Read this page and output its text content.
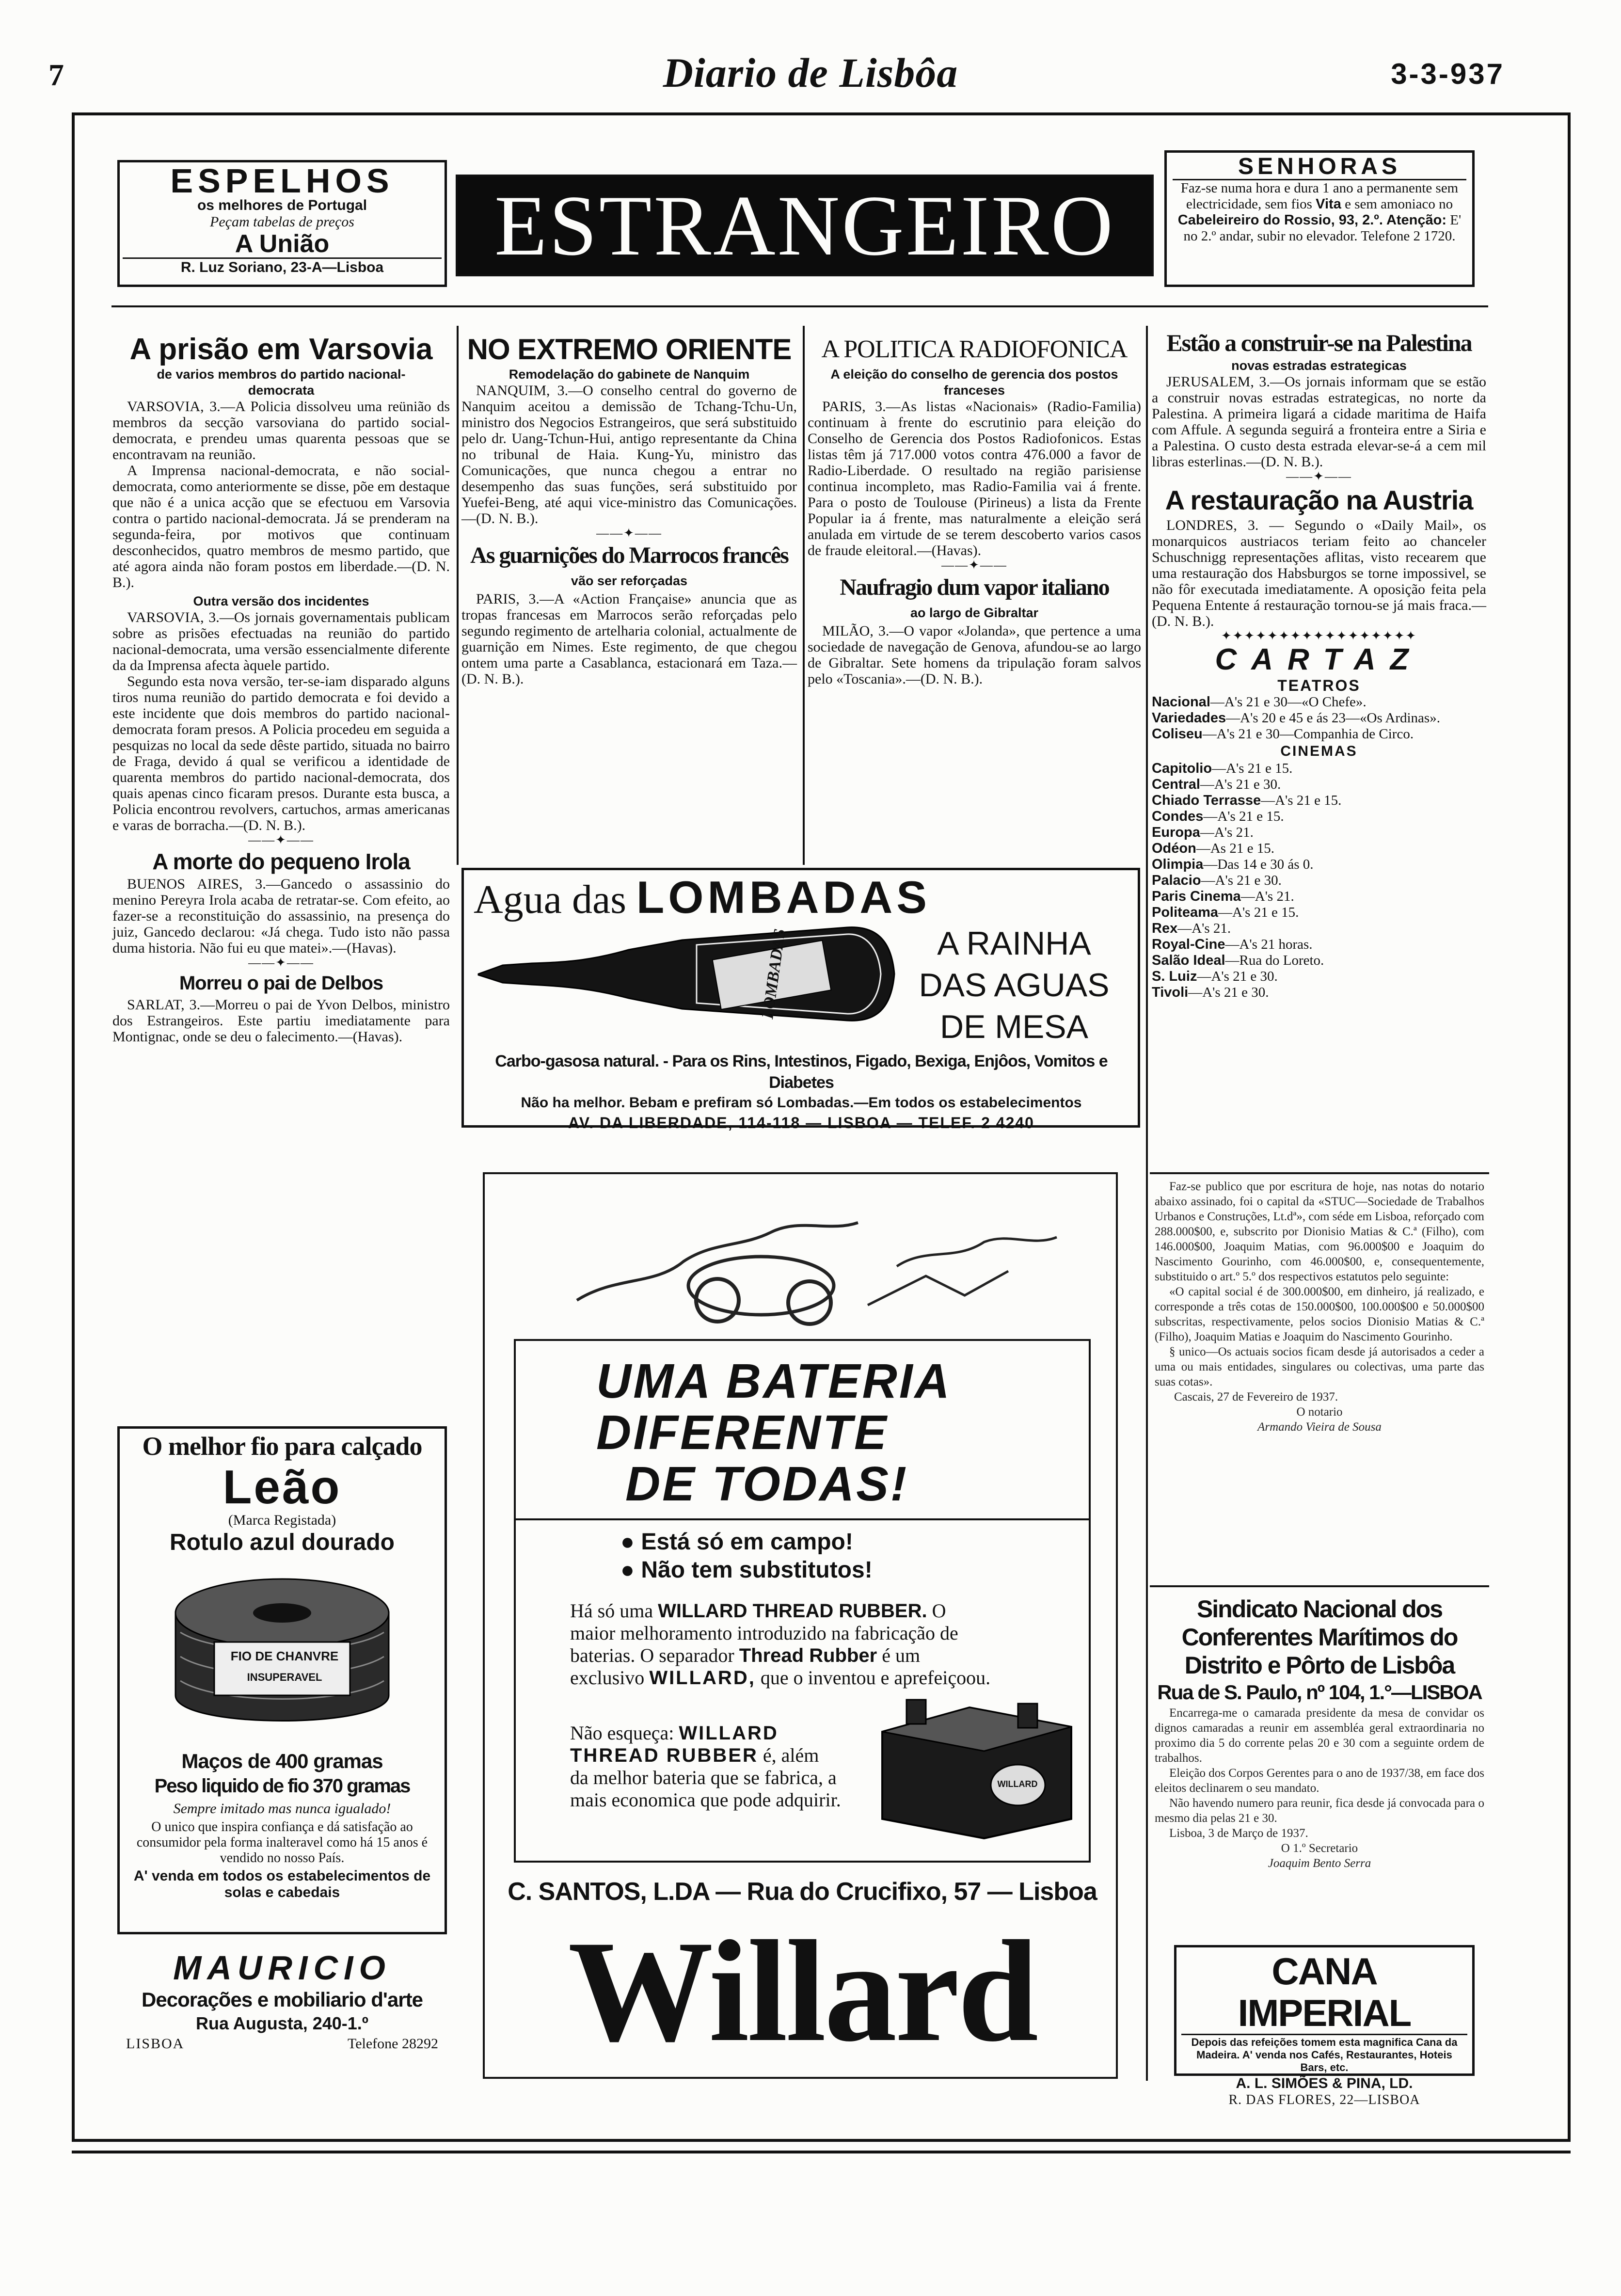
7	Diario de Lisbôa	3-3-937
ESPELHOS
os melhores de Portugal
Peçam tabelas de preços
A União
R. Luz Soriano, 23-A—Lisboa	ESTRANGEIRO
SENHORAS
Faz-se numa hora e dura 1 ano a permanente sem electricidade, sem fios Vita e sem amoniaco no Cabeleireiro do Rossio, 93, 2.º. Atenção: E' no 2.º andar, subir no elevador. Telefone 2 1720.
A prisão em Varsovia
de varios membros do partido nacional-democrata

VARSOVIA, 3.—A Policia dissolveu uma reünião ds membros da secção varsoviana do partido social-democrata, e prendeu umas quarenta pessoas que se encontravam na reunião.

A Imprensa nacional-democrata, e não social-democrata, como anteriormente se disse, põe em destaque que não é a unica acção que se efectuou em Varsovia contra o partido nacional-democrata. Já se prenderam na segunda-feira, por motivos que continuam desconhecidos, quatro membros de mesmo partido, que até agora ainda não foram postos em liberdade.—(D. N. B.).

Outra versão dos incidentes

VARSOVIA, 3.—Os jornais governamentais publicam sobre as prisões efectuadas na reunião do partido nacional-democrata, uma versão essencialmente diferente da da Imprensa afecta àquele partido.

Segundo esta nova versão, ter-se-iam disparado alguns tiros numa reunião do partido democrata e foi devido a este incidente que dois membros do partido nacional-democrata foram presos. A Policia procedeu em seguida a pesquizas no local da sede dêste partido, situada no bairro de Fraga, devido á qual se verificou a identidade de quarenta membros do partido nacional-democrata, dos quais apenas cinco ficaram presos. Durante esta busca, a Policia encontrou revolvers, cartuchos, armas americanas e varas de borracha.—(D. N. B.).

——✦——
A morte do pequeno Irola

BUENOS AIRES, 3.—Gancedo o assassinio do menino Pereyra Irola acaba de retratar-se. Com efeito, ao fazer-se a reconstituição do assassinio, na presença do juiz, Gancedo declarou: «Já chega. Tudo isto não passa duma historia. Não fui eu que matei».—(Havas).

——✦——
Morreu o pai de Delbos

SARLAT, 3.—Morreu o pai de Yvon Delbos, ministro dos Estrangeiros. Este partiu imediatamente para Montignac, onde se deu o falecimento.—(Havas).

NO EXTREMO ORIENTE
Remodelação do gabinete de Nanquim

NANQUIM, 3.—O conselho central do governo de Nanquim aceitou a demissão de Tchang-Tchu-Un, ministro dos Negocios Estrangeiros, que será substituido pelo dr. Uang-Tchun-Hui, antigo representante da China no tribunal de Haia. Kung-Yu, ministro das Comunicações, que nunca chegou a entrar no desempenho das suas funções, será substituido por Yuefei-Beng, até aqui vice-ministro das Comunicações.—(D. N. B.).

——✦——
As guarnições do Marrocos francês
vão ser reforçadas

PARIS, 3.—A «Action Française» anuncia que as tropas francesas em Marrocos serão reforçadas pelo segundo regimento de artelharia colonial, actualmente de guarnição em Nimes. Este regimento, de que chegou ontem uma parte a Casablanca, estacionará em Taza.—(D. N. B.).

A POLITICA RADIOFONICA
A eleição do conselho de gerencia dos postos franceses

PARIS, 3.—As listas «Nacionais» (Radio-Familia) continuam à frente do escrutinio para eleição do Conselho de Gerencia dos Postos Radiofonicos. Estas listas têm já 717.000 votos contra 476.000 a favor de Radio-Liberdade. O resultado na região parisiense continua incompleto, mas Radio-Familia vai á frente. Para o posto de Toulouse (Pirineus) a lista da Frente Popular ia á frente, mas naturalmente a eleição será anulada em virtude de se terem descoberto varios casos de fraude eleitoral.—(Havas).

——✦——
Naufragio dum vapor italiano
ao largo de Gibraltar

MILÃO, 3.—O vapor «Jolanda», que pertence a uma sociedade de navegação de Genova, afundou-se ao largo de Gibraltar. Sete homens da tripulação foram salvos pelo «Toscania».—(D. N. B.).

Estão a construir-se na Palestina
novas estradas estrategicas

JERUSALEM, 3.—Os jornais informam que se estão a construir novas estradas estrategicas, no norte da Palestina. A primeira ligará a cidade maritima de Haifa com Affule. A segunda seguirá a fronteira entre a Siria e a Palestina. O custo desta estrada elevar-se-á a cem mil libras esterlinas.—(D. N. B.).

——✦——
A restauração na Austria

LONDRES, 3. — Segundo o «Daily Mail», os monarquicos austriacos teriam feito ao chanceler Schuschnigg representações aflitas, visto recearem que uma restauração dos Habsburgos se torne impossivel, se não fôr executada imediatamente. A oposição feita pela Pequena Entente á restauração tornou-se já mais fraca.—(D. N. B.).

✦✦✦✦✦✦✦✦✦✦✦✦✦✦✦✦✦
CARTAZ
TEATROS
Nacional—A's 21 e 30—«O Chefe».
Variedades—A's 20 e 45 e ás 23—«Os Ardinas».
Coliseu—A's 21 e 30—Companhia de Circo.
CINEMAS
Capitolio—A's 21 e 15.
Central—A's 21 e 30.
Chiado Terrasse—A's 21 e 15.
Condes—A's 21 e 15.
Europa—A's 21.
Odéon—As 21 e 15.
Olimpia—Das 14 e 30 ás 0.
Palacio—A's 21 e 30.
Paris Cinema—A's 21.
Politeama—A's 21 e 15.
Rex—A's 21.
Royal-Cine—A's 21 horas.
Salão Ideal—Rua do Loreto.
S. Luiz—A's 21 e 30.
Tivoli—A's 21 e 30.

Faz-se publico que por escritura de hoje, nas notas do notario abaixo assinado, foi o capital da «STUC—Sociedade de Trabalhos Urbanos e Construções, Lt.dª», com séde em Lisboa, reforçado com 288.000$00, e, subscrito por Dionisio Matias & C.ª (Filho), com 146.000$00, Joaquim Matias, com 96.000$00 e Joaquim do Nascimento Gourinho, com 46.000$00, e, consequentemente, substituido o art.º 5.º dos respectivos estatutos pelo seguinte:

«O capital social é de 300.000$00, em dinheiro, já realizado, e corresponde a três cotas de 150.000$00, 100.000$00 e 50.000$00 subscritas, respectivamente, pelos socios Dionisio Matias & C.ª (Filho), Joaquim Matias e Joaquim do Nascimento Gourinho.

§ unico—Os actuais socios ficam desde já autorisados a ceder a uma ou mais entidades, singulares ou colectivas, uma parte das suas cotas».

Cascais, 27 de Fevereiro de 1937.

O notario

Armando Vieira de Sousa

Sindicato Nacional dos Conferentes Marítimos do Distrito e Pôrto de Lisbôa
Rua de S. Paulo, nº 104, 1.°—LISBOA

Encarrega-me o camarada presidente da mesa de convidar os dignos camaradas a reunir em assembléa geral extraordinaria no proximo dia 5 do corrente pelas 20 e 30 com a seguinte ordem de trabalhos.

Eleição dos Corpos Gerentes para o ano de 1937/38, em face dos eleitos declinarem o seu mandato.

Não havendo numero para reunir, fica desde já convocada para o mesmo dia pelas 21 e 30.

Lisboa, 3 de Março de 1937.

O 1.º Secretario

Joaquim Bento Serra

CANA IMPERIAL
Depois das refeições tomem esta magnifica Cana da Madeira. A' venda nos Cafés, Restaurantes, Hoteis Bars, etc.
A. L. SIMÕES & PINA, LD.
R. DAS FLORES, 22—LISBOA
Agua das LOMBADAS
LOMBADAS	A RAINHA
DAS AGUAS
DE MESA
Carbo-gasosa natural. - Para os Rins, Intestinos, Figado, Bexiga, Enjôos, Vomitos e Diabetes
Não ha melhor. Bebam e prefiram só Lombadas.—Em todos os estabelecimentos
AV. DA LIBERDADE, 114-118 — LISBOA — TELEF. 2 4240
UMA BATERIA
DIFERENTE
DE TODAS!
● Está só em campo!
● Não tem substitutos!
Há só uma WILLARD THREAD RUBBER. O maior melhoramento introduzido na fabricação de baterias. O separador Thread Rubber é um exclusivo WILLARD, que o inventou e aprefeiçoou.
Não esqueça: WILLARD THREAD RUBBER é, além da melhor bateria que se fabrica, a mais economica que pode adquirir.
WILLARD
C. SANTOS, L.DA — Rua do Crucifixo, 57 — Lisboa
Willard
O melhor fio para calçado
Leão
(Marca Registada)
Rotulo azul dourado
FIO DE CHANVRE
INSUPERAVEL
Maços de 400 gramas
Peso liquido de fio 370 gramas
Sempre imitado mas nunca igualado!
O unico que inspira confiança e dá satisfação ao consumidor pela forma inalteravel como há 15 anos é vendido no nosso País.
A' venda em todos os estabelecimentos de solas e cabedais
MAURICIO
Decorações e mobiliario d'arte
Rua Augusta, 240-1.º
LISBOA	Telefone 28292
